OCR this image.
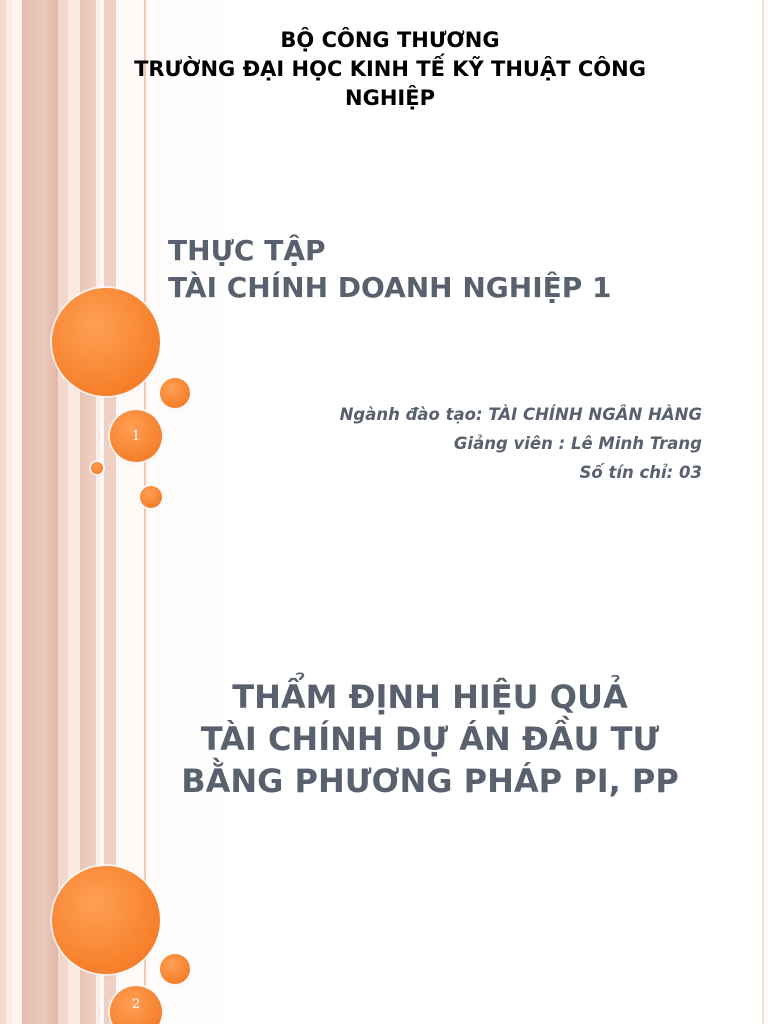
1
BỘ CÔNG THƯƠNG
TRƯỜNG ĐẠI HỌC KINH TẾ KỸ THUẬT CÔNG
NGHIỆP
THỰC TẬP
TÀI CHÍNH DOANH NGHIỆP 1
Ngành đào tạo: TÀI CHÍNH NGÂN HÀNG
Giảng viên : Lê Minh Trang
Số tín chỉ: 03
THẨM ĐỊNH HIỆU QUẢ
TÀI CHÍNH DỰ ÁN ĐẦU TƯ
BẰNG PHƯƠNG PHÁP PI, PP
2
